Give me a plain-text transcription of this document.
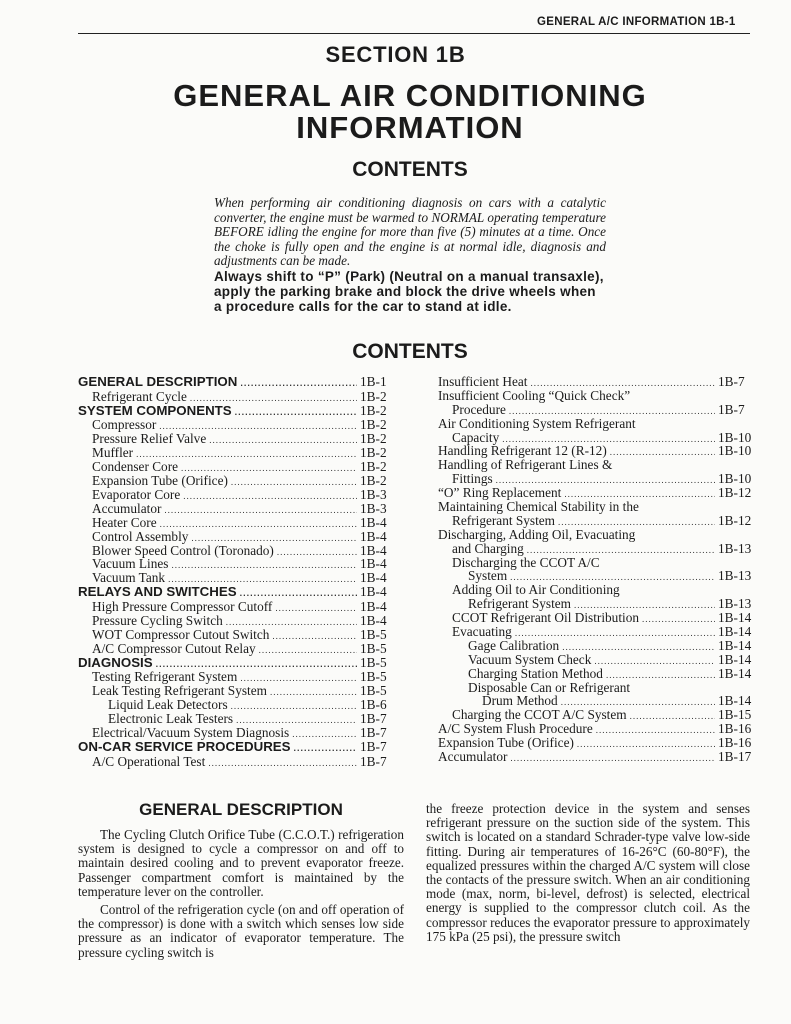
GENERAL A/C INFORMATION 1B-1
SECTION 1B
GENERAL AIR CONDITIONING
INFORMATION
CONTENTS
When performing air conditioning diagnosis on cars with a catalytic converter, the engine must be warmed to NORMAL operating temperature BEFORE idling the engine for more than five (5) minutes at a time. Once the choke is fully open and the engine is at normal idle, diagnosis and adjustments can be made.
Always shift to “P” (Park) (Neutral on a manual transaxle), apply the parking brake and block the drive wheels when a procedure calls for the car to stand at idle.
CONTENTS
GENERAL DESCRIPTION .....	1B-1
Refrigerant Cycle .....	1B-2
SYSTEM COMPONENTS .....	1B-2
Compressor .....	1B-2
Pressure Relief Valve .....	1B-2
Muffler .....	1B-2
Condenser Core .....	1B-2
Expansion Tube (Orifice) .....	1B-2
Evaporator Core .....	1B-3
Accumulator .....	1B-3
Heater Core .....	1B-4
Control Assembly .....	1B-4
Blower Speed Control (Toronado) .....	1B-4
Vacuum Lines .....	1B-4
Vacuum Tank .....	1B-4
RELAYS AND SWITCHES .....	1B-4
High Pressure Compressor Cutoff .....	1B-4
Pressure Cycling Switch .....	1B-4
WOT Compressor Cutout Switch .....	1B-5
A/C Compressor Cutout Relay .....	1B-5
DIAGNOSIS .....	1B-5
Testing Refrigerant System .....	1B-5
Leak Testing Refrigerant System .....	1B-5
Liquid Leak Detectors .....	1B-6
Electronic Leak Testers .....	1B-7
Electrical/Vacuum System Diagnosis .....	1B-7
ON-CAR SERVICE PROCEDURES .....	1B-7
A/C Operational Test .....	1B-7
Insufficient Heat .....	1B-7
Insufficient Cooling “Quick Check”
Procedure .....	1B-7
Air Conditioning System Refrigerant
Capacity .....	1B-10
Handling Refrigerant 12 (R-12) .....	1B-10
Handling of Refrigerant Lines &
Fittings .....	1B-10
“O” Ring Replacement .....	1B-12
Maintaining Chemical Stability in the
Refrigerant System .....	1B-12
Discharging, Adding Oil, Evacuating
and Charging .....	1B-13
Discharging the CCOT A/C
System .....	1B-13
Adding Oil to Air Conditioning
Refrigerant System .....	1B-13
CCOT Refrigerant Oil Distribution .....	1B-14
Evacuating .....	1B-14
Gage Calibration .....	1B-14
Vacuum System Check .....	1B-14
Charging Station Method .....	1B-14
Disposable Can or Refrigerant
Drum Method .....	1B-14
Charging the CCOT A/C System .....	1B-15
A/C System Flush Procedure .....	1B-16
Expansion Tube (Orifice) .....	1B-16
Accumulator .....	1B-17
GENERAL DESCRIPTION

The Cycling Clutch Orifice Tube (C.C.O.T.) refrigeration system is designed to cycle a compressor on and off to maintain desired cooling and to prevent evaporator freeze. Passenger compartment comfort is maintained by the temperature lever on the controller.

Control of the refrigeration cycle (on and off operation of the compressor) is done with a switch which senses low side pressure as an indicator of evaporator temperature. The pressure cycling switch is

the freeze protection device in the system and senses refrigerant pressure on the suction side of the system. This switch is located on a standard Schrader-type valve low-side fitting. During air temperatures of 16-26°C (60-80°F), the equalized pressures within the charged A/C system will close the contacts of the pressure switch. When an air conditioning mode (max, norm, bi-level, defrost) is selected, electrical energy is supplied to the compressor clutch coil. As the compressor reduces the evaporator pressure to approximately 175 kPa (25 psi), the pressure switch
